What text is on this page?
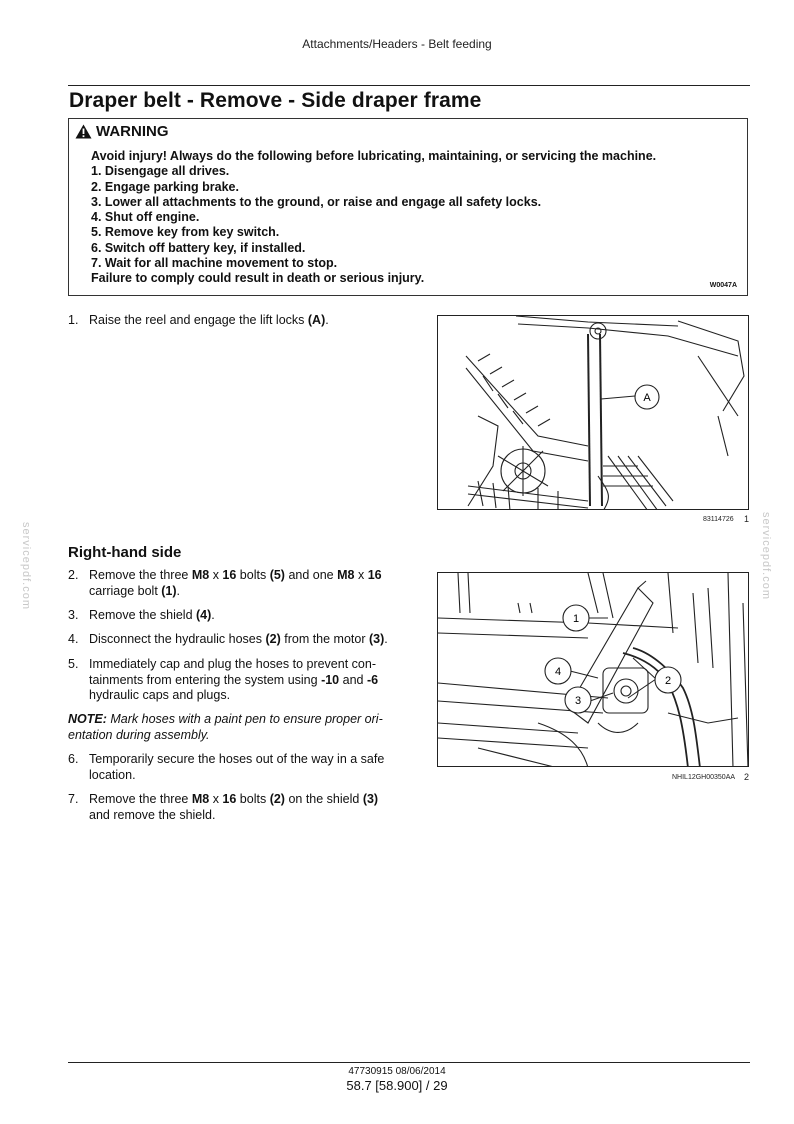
Attachments/Headers - Belt feeding
Draper belt - Remove - Side draper frame
WARNING
Avoid injury! Always do the following before lubricating, maintaining, or servicing the machine.
1. Disengage all drives.
2. Engage parking brake.
3. Lower all attachments to the ground, or raise and engage all safety locks.
4. Shut off engine.
5. Remove key from key switch.
6. Switch off battery key, if installed.
7. Wait for all machine movement to stop.
Failure to comply could result in death or serious injury.
W0047A
1. Raise the reel and engage the lift locks (A).
A
83114726 1
Right-hand side
2. Remove the three M8 x 16 bolts (5) and one M8 x 16
carriage bolt (1).
3. Remove the shield (4).
4. Disconnect the hydraulic hoses (2) from the motor (3).
5. Immediately cap and plug the hoses to prevent con-
tainments from entering the system using -10 and -6
hydraulic caps and plugs.
NOTE: Mark hoses with a paint pen to ensure proper ori-
entation during assembly.
6. Temporarily secure the hoses out of the way in a safe
location.
7. Remove the three M8 x 16 bolts (2) on the shield (3)
and remove the shield.
1
2
3
4
NHIL12GH00350AA 2
servicepdf.com	servicepdf.com
47730915 08/06/2014
58.7 [58.900] / 29
